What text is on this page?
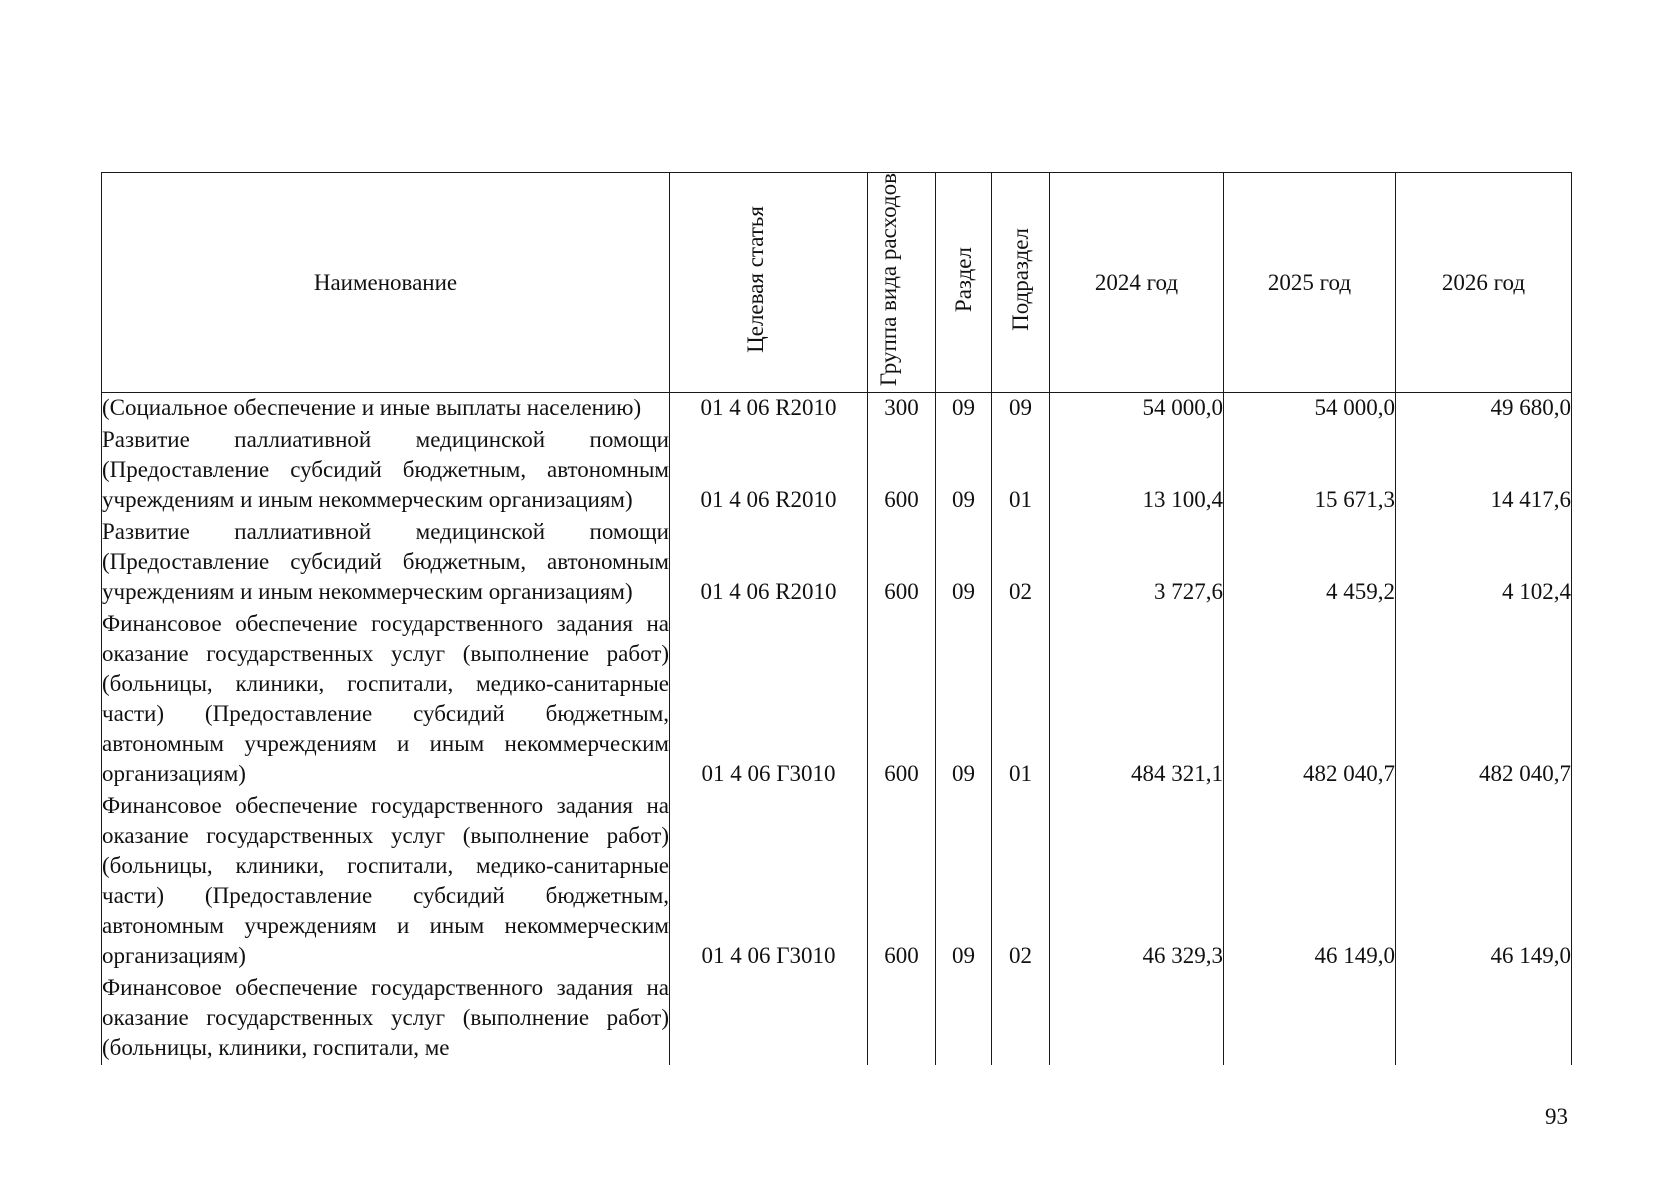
Наименование	Целевая статья	Группа вида расходов	Раздел	Подраздел	2024 год	2025 год	2026 год
(Социальное обеспечение и иные выплаты населению)	01 4 06 R2010	300	09	09	54 000,0	54 000,0	49 680,0
Развитие паллиативной медицинской помощи (Предоставление субсидий бюджетным, автономным учреждениям и иным некоммерческим организациям)	01 4 06 R2010	600	09	01	13 100,4	15 671,3	14 417,6
Развитие паллиативной медицинской помощи (Предоставление субсидий бюджетным, автономным учреждениям и иным некоммерческим организациям)	01 4 06 R2010	600	09	02	3 727,6	4 459,2	4 102,4
Финансовое обеспечение государственного задания на оказание государственных услуг (выполнение работ) (больницы, клиники, госпитали, медико-санитарные части) (Предоставление субсидий бюджетным, автономным учреждениям и иным некоммерческим организациям)	01 4 06 Г3010	600	09	01	484 321,1	482 040,7	482 040,7
Финансовое обеспечение государственного задания на оказание государственных услуг (выполнение работ) (больницы, клиники, госпитали, медико-санитарные части) (Предоставление субсидий бюджетным, автономным учреждениям и иным некоммерческим организациям)	01 4 06 Г3010	600	09	02	46 329,3	46 149,0	46 149,0
Финансовое обеспечение государственного задания на оказание государственных услуг (выполнение работ) (больницы, клиники, госпитали, ме							
93
